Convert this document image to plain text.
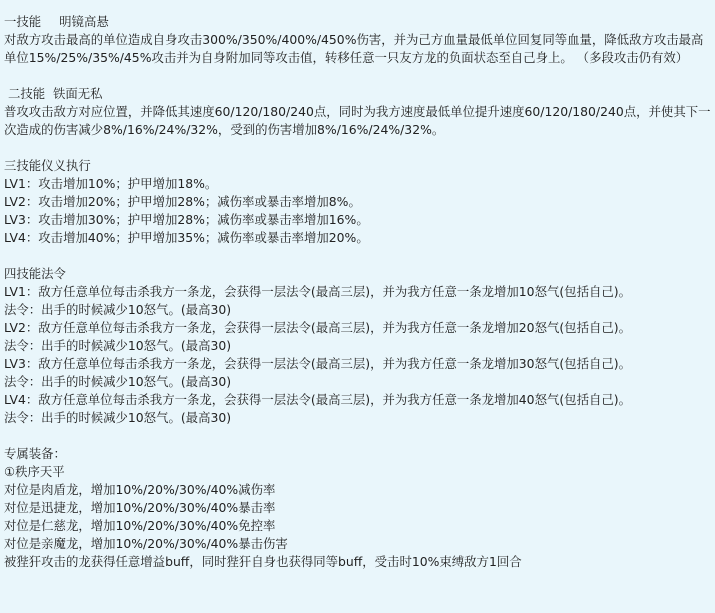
一技能 明镜高悬
对敌方攻击最高的单位造成自身攻击300%/350%/400%/450%伤害，并为己方血量最低单位回复同等血量，降低敌方攻击最高单位15%/25%/35%/45%攻击并为自身附加同等攻击值，转移任意一只友方龙的负面状态至自己身上。 （多段攻击仍有效）
二技能 铁面无私
普攻攻击敌方对应位置，并降低其速度60/120/180/240点，同时为我方速度最低单位提升速度60/120/180/240点，并使其下一次造成的伤害减少8%/16%/24%/32%，受到的伤害增加8%/16%/24%/32%。
三技能仪义执行
LV1：攻击增加10%；护甲增加18%。
LV2：攻击增加20%；护甲增加28%；减伤率或暴击率增加8%。
LV3：攻击增加30%；护甲增加28%；减伤率或暴击率增加16%。
LV4：攻击增加40%；护甲增加35%；减伤率或暴击率增加20%。
四技能法令
LV1：敌方任意单位每击杀我方一条龙，会获得一层法令(最高三层)，并为我方任意一条龙增加10怒气(包括自己)。
法令：出手的时候减少10怒气。(最高30)
LV2：敌方任意单位每击杀我方一条龙，会获得一层法令(最高三层)，并为我方任意一条龙增加20怒气(包括自己)。
法令：出手的时候减少10怒气。(最高30)
LV3：敌方任意单位每击杀我方一条龙，会获得一层法令(最高三层)，并为我方任意一条龙增加30怒气(包括自己)。
法令：出手的时候减少10怒气。(最高30)
LV4：敌方任意单位每击杀我方一条龙，会获得一层法令(最高三层)，并为我方任意一条龙增加40怒气(包括自己)。
法令：出手的时候减少10怒气。(最高30)
专属装备：
①秩序天平
对位是肉盾龙，增加10%/20%/30%/40%减伤率
对位是迅捷龙，增加10%/20%/30%/40%暴击率
对位是仁慈龙，增加10%/20%/30%/40%免控率
对位是亲魔龙，增加10%/20%/30%/40%暴击伤害
被狴犴攻击的龙获得任意增益buff，同时狴犴自身也获得同等buff，受击时10%束缚敌方1回合
